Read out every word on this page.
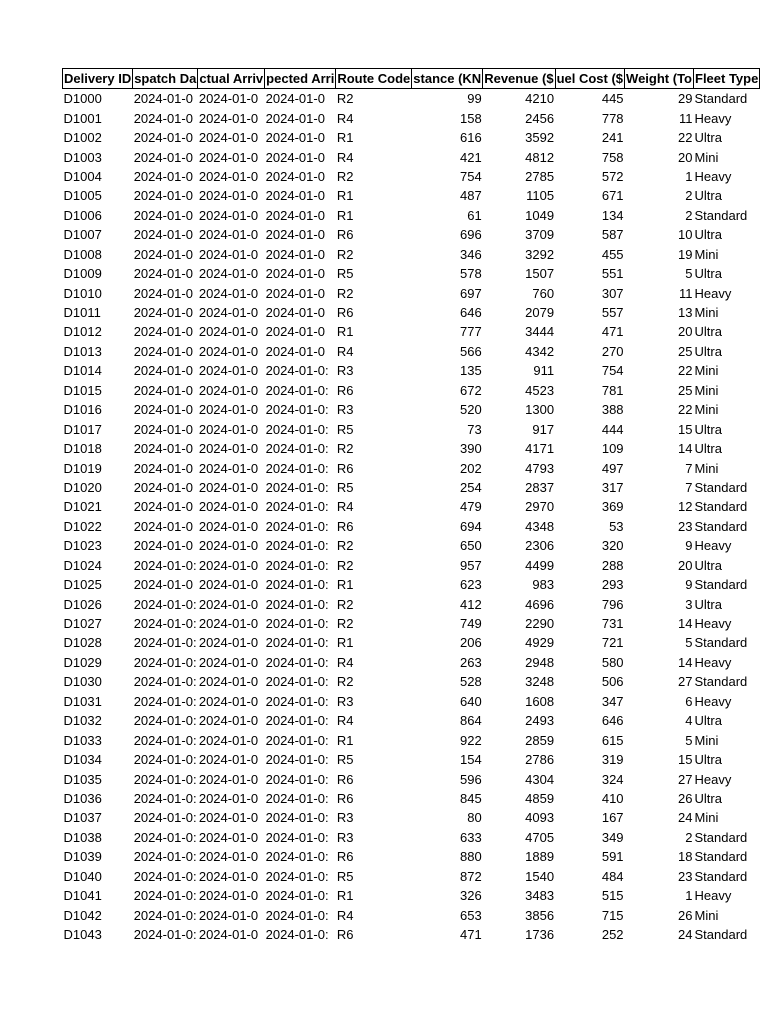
Delivery ID	spatch Da	ctual Arriv	pected Arri	Route Code	stance (KN	Revenue ($	uel Cost ($	Weight (To	Fleet Type
D1000	2024-01-0	2024-01-0	2024-01-0	R2	99	4210	445	29	Standard
D1001	2024-01-0	2024-01-0	2024-01-0	R4	158	2456	778	11	Heavy
D1002	2024-01-0	2024-01-0	2024-01-0	R1	616	3592	241	22	Ultra
D1003	2024-01-0	2024-01-0	2024-01-0	R4	421	4812	758	20	Mini
D1004	2024-01-0	2024-01-0	2024-01-0	R2	754	2785	572	1	Heavy
D1005	2024-01-0	2024-01-0	2024-01-0	R1	487	1105	671	2	Ultra
D1006	2024-01-0	2024-01-0	2024-01-0	R1	61	1049	134	2	Standard
D1007	2024-01-0	2024-01-0	2024-01-0	R6	696	3709	587	10	Ultra
D1008	2024-01-0	2024-01-0	2024-01-0	R2	346	3292	455	19	Mini
D1009	2024-01-0	2024-01-0	2024-01-0	R5	578	1507	551	5	Ultra
D1010	2024-01-0	2024-01-0	2024-01-0	R2	697	760	307	11	Heavy
D1011	2024-01-0	2024-01-0	2024-01-0	R6	646	2079	557	13	Mini
D1012	2024-01-0	2024-01-0	2024-01-0	R1	777	3444	471	20	Ultra
D1013	2024-01-0	2024-01-0	2024-01-0	R4	566	4342	270	25	Ultra
D1014	2024-01-0	2024-01-0	2024-01-0:	R3	135	911	754	22	Mini
D1015	2024-01-0	2024-01-0	2024-01-0:	R6	672	4523	781	25	Mini
D1016	2024-01-0	2024-01-0	2024-01-0:	R3	520	1300	388	22	Mini
D1017	2024-01-0	2024-01-0	2024-01-0:	R5	73	917	444	15	Ultra
D1018	2024-01-0	2024-01-0	2024-01-0:	R2	390	4171	109	14	Ultra
D1019	2024-01-0	2024-01-0	2024-01-0:	R6	202	4793	497	7	Mini
D1020	2024-01-0	2024-01-0	2024-01-0:	R5	254	2837	317	7	Standard
D1021	2024-01-0	2024-01-0	2024-01-0:	R4	479	2970	369	12	Standard
D1022	2024-01-0	2024-01-0	2024-01-0:	R6	694	4348	53	23	Standard
D1023	2024-01-0	2024-01-0	2024-01-0:	R2	650	2306	320	9	Heavy
D1024	2024-01-0:	2024-01-0	2024-01-0:	R2	957	4499	288	20	Ultra
D1025	2024-01-0	2024-01-0	2024-01-0:	R1	623	983	293	9	Standard
D1026	2024-01-0:	2024-01-0	2024-01-0:	R2	412	4696	796	3	Ultra
D1027	2024-01-0:	2024-01-0	2024-01-0:	R2	749	2290	731	14	Heavy
D1028	2024-01-0:	2024-01-0	2024-01-0:	R1	206	4929	721	5	Standard
D1029	2024-01-0:	2024-01-0	2024-01-0:	R4	263	2948	580	14	Heavy
D1030	2024-01-0:	2024-01-0	2024-01-0:	R2	528	3248	506	27	Standard
D1031	2024-01-0:	2024-01-0	2024-01-0:	R3	640	1608	347	6	Heavy
D1032	2024-01-0:	2024-01-0	2024-01-0:	R4	864	2493	646	4	Ultra
D1033	2024-01-0:	2024-01-0	2024-01-0:	R1	922	2859	615	5	Mini
D1034	2024-01-0:	2024-01-0	2024-01-0:	R5	154	2786	319	15	Ultra
D1035	2024-01-0:	2024-01-0	2024-01-0:	R6	596	4304	324	27	Heavy
D1036	2024-01-0:	2024-01-0	2024-01-0:	R6	845	4859	410	26	Ultra
D1037	2024-01-0:	2024-01-0	2024-01-0:	R3	80	4093	167	24	Mini
D1038	2024-01-0:	2024-01-0	2024-01-0:	R3	633	4705	349	2	Standard
D1039	2024-01-0:	2024-01-0	2024-01-0:	R6	880	1889	591	18	Standard
D1040	2024-01-0:	2024-01-0	2024-01-0:	R5	872	1540	484	23	Standard
D1041	2024-01-0:	2024-01-0	2024-01-0:	R1	326	3483	515	1	Heavy
D1042	2024-01-0:	2024-01-0	2024-01-0:	R4	653	3856	715	26	Mini
D1043	2024-01-0:	2024-01-0	2024-01-0:	R6	471	1736	252	24	Standard
